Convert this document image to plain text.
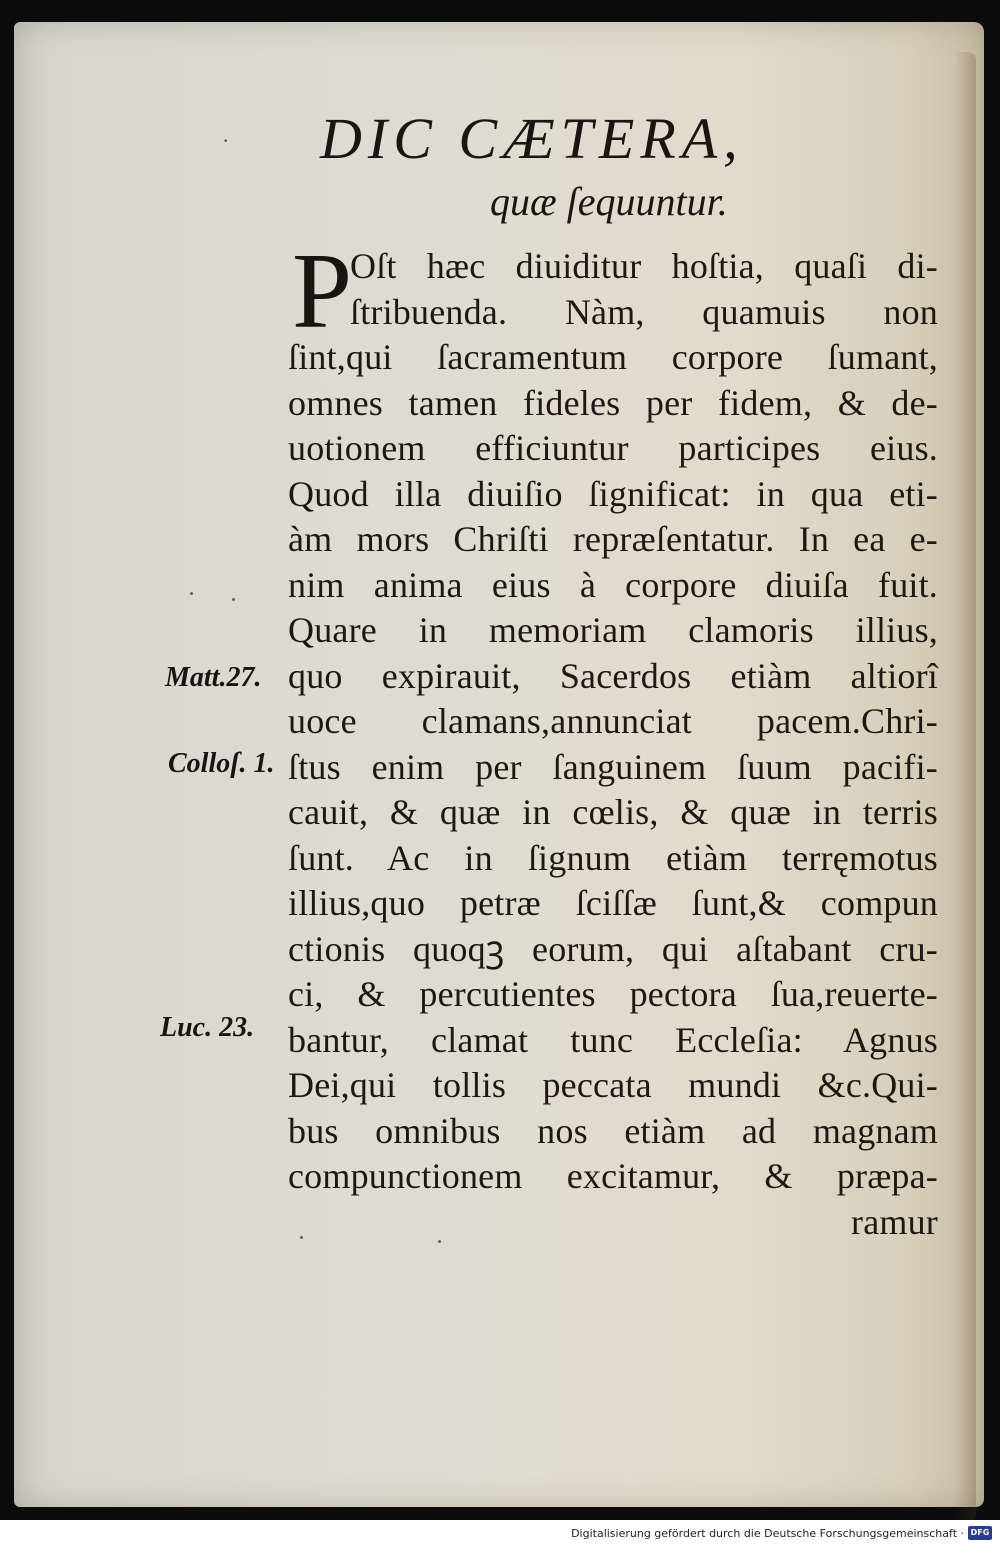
· DIC CÆTERA,
quæ ſequuntur.
P
Oſt hæc diuiditur hoſtia, quaſi di-
ſtribuenda. Nàm, quamuis non
ſint,qui ſacramentum corpore ſumant,
omnes tamen fideles per fidem, & de-
uotionem efficiuntur participes eius.
Quod illa diuiſio ſignificat: in qua eti-
àm mors Chriſti repræſentatur. In ea e-
nim anima eius à corpore diuiſa fuit.
Quare in memoriam clamoris illius,
quo expirauit, Sacerdos etiàm altiorî
uoce clamans,annunciat pacem.Chri-
ſtus enim per ſanguinem ſuum pacifi-
cauit, & quæ in cœlis, & quæ in terris
ſunt. Ac in ſignum etiàm terręmotus
illius,quo petræ ſciſſæ ſunt,& compun
ctionis quoqꝫ eorum, qui aſtabant cru-
ci, & percutientes pectora ſua,reuerte-
bantur, clamat tunc Eccleſia: Agnus
Dei,qui tollis peccata mundi &c.Qui-
bus omnibus nos etiàm ad magnam
compunctionem excitamur, & præpa-
ramur
Matt.27.
Colloſ. 1.
Luc. 23.
Digitalisierung gefördert durch die Deutsche Forschungsgemeinschaft · DFG
